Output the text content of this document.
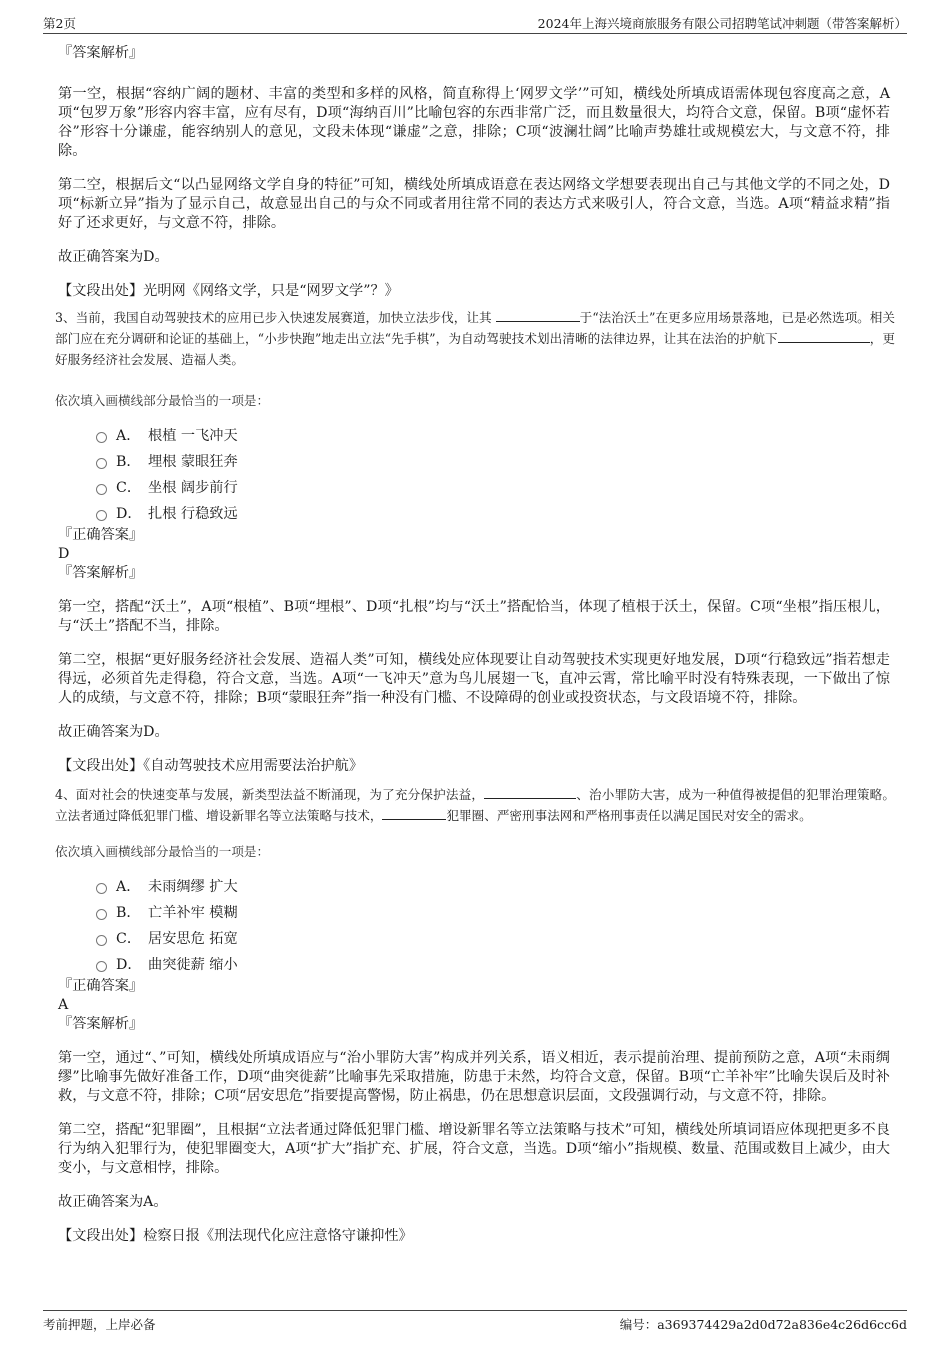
第2页	2024年上海兴境商旅服务有限公司招聘笔试冲刺题（带答案解析）

『答案解析』

第一空，根据“容纳广阔的题材、丰富的类型和多样的风格，简直称得上‘网罗文学’”可知，横线处所填成语需体现包容度高之意，A项“包罗万象”形容内容丰富，应有尽有，D项“海纳百川”比喻包容的东西非常广泛，而且数量很大，均符合文意，保留。B项“虚怀若谷”形容十分谦虚，能容纳别人的意见，文段未体现“谦虚”之意，排除；C项“波澜壮阔”比喻声势雄壮或规模宏大，与文意不符，排除。

第二空，根据后文“以凸显网络文学自身的特征”可知，横线处所填成语意在表达网络文学想要表现出自己与其他文学的不同之处，D项“标新立异”指为了显示自己，故意显出自己的与众不同或者用往常不同的表达方式来吸引人，符合文意，当选。A项“精益求精”指好了还求更好，与文意不符，排除。

故正确答案为D。

【文段出处】光明网《网络文学，只是“网罗文学”？》

3、当前，我国自动驾驶技术的应用已步入快速发展赛道，加快立法步伐，让其	于“法治沃土”在更多应用场景落地，已是必然选项。相关部门应在充分调研和论证的基础上，“小步快跑”地走出立法“先手棋”，为自动驾驶技术划出清晰的法律边界，让其在法治的护航下	，更好服务经济社会发展、造福人类。

依次填入画横线部分最恰当的一项是：

A． 根植 一飞冲天
B． 埋根 蒙眼狂奔
C． 坐根 阔步前行
D． 扎根 行稳致远

『正确答案』

D

『答案解析』

第一空，搭配“沃土”，A项“根植”、B项“埋根”、D项“扎根”均与“沃土”搭配恰当，体现了植根于沃土，保留。C项“坐根”指压根儿，与“沃土”搭配不当，排除。

第二空，根据“更好服务经济社会发展、造福人类”可知，横线处应体现要让自动驾驶技术实现更好地发展，D项“行稳致远”指若想走得远，必须首先走得稳，符合文意，当选。A项“一飞冲天”意为鸟儿展翅一飞，直冲云霄，常比喻平时没有特殊表现，一下做出了惊人的成绩，与文意不符，排除；B项“蒙眼狂奔”指一种没有门槛、不设障碍的创业或投资状态，与文段语境不符，排除。

故正确答案为D。

【文段出处】《自动驾驶技术应用需要法治护航》

4、面对社会的快速变革与发展，新类型法益不断涌现，为了充分保护法益，	、治小罪防大害，成为一种值得被提倡的犯罪治理策略。立法者通过降低犯罪门槛、增设新罪名等立法策略与技术，	犯罪圈、严密刑事法网和严格刑事责任以满足国民对安全的需求。

依次填入画横线部分最恰当的一项是：

A． 未雨绸缪 扩大
B． 亡羊补牢 模糊
C． 居安思危 拓宽
D． 曲突徙薪 缩小

『正确答案』

A

『答案解析』

第一空，通过“、”可知，横线处所填成语应与“治小罪防大害”构成并列关系，语义相近，表示提前治理、提前预防之意，A项“未雨绸缪”比喻事先做好准备工作，D项“曲突徙薪”比喻事先采取措施，防患于未然，均符合文意，保留。B项“亡羊补牢”比喻失误后及时补救，与文意不符，排除；C项“居安思危”指要提高警惕，防止祸患，仍在思想意识层面，文段强调行动，与文意不符，排除。

第二空，搭配“犯罪圈”，且根据“立法者通过降低犯罪门槛、增设新罪名等立法策略与技术”可知，横线处所填词语应体现把更多不良行为纳入犯罪行为，使犯罪圈变大，A项“扩大”指扩充、扩展，符合文意，当选。D项“缩小”指规模、数量、范围或数目上减少，由大变小，与文意相悖，排除。

故正确答案为A。

【文段出处】检察日报《刑法现代化应注意恪守谦抑性》

考前押题，上岸必备	编号：a369374429a2d0d72a836e4c26d6cc6d
